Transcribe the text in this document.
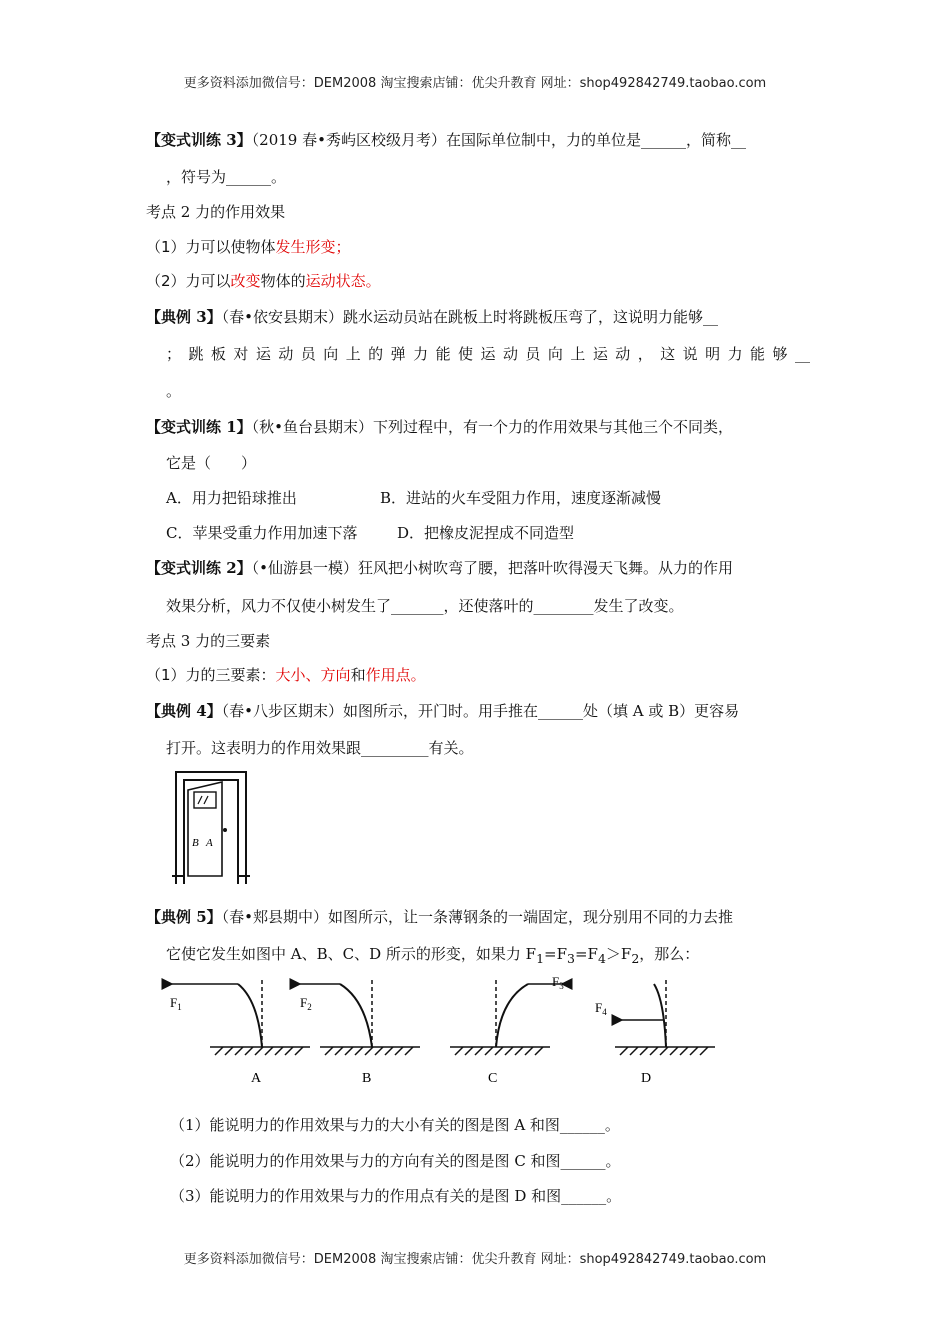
更多资料添加微信号：DEM2008 淘宝搜索店铺：优尖升教育 网址：shop492842749.taobao.com
【变式训练 3】（2019 春•秀屿区校级月考）在国际单位制中，力的单位是______，简称__
，符号为______。
考点 2 力的作用效果
（1）力可以使物体发生形变；
（2）力可以改变物体的运动状态。
【典例 3】（春•依安县期末）跳水运动员站在跳板上时将跳板压弯了，这说明力能够__
；跳板对运动员向上的弹力能使运动员向上运动，这说明力能够__
。
【变式训练 1】（秋•鱼台县期末）下列过程中，有一个力的作用效果与其他三个不同类，
它是（　　）
A．用力把铅球推出	B．进站的火车受阻力作用，速度逐渐减慢
C．苹果受重力作用加速下落	D．把橡皮泥捏成不同造型
【变式训练 2】（•仙游县一模）狂风把小树吹弯了腰，把落叶吹得漫天飞舞。从力的作用
效果分析，风力不仅使小树发生了_______，还使落叶的________发生了改变。
考点 3 力的三要素
（1）力的三要素：大小、方向和作用点。
【典例 4】（春•八步区期末）如图所示，开门时。用手推在______处（填 A 或 B）更容易
打开。这表明力的作用效果跟_________有关。
B A
【典例 5】（春•郏县期中）如图所示，让一条薄钢条的一端固定，现分别用不同的力去推
它使它发生如图中 A、B、C、D 所示的形变，如果力 $F_1=F_3=F_4>F_2$，那么：
$F_1$	$F_2$
$F_3$
$F_4$
A	B	C	D
（1）能说明力的作用效果与力的大小有关的图是图 A 和图______。
（2）能说明力的作用效果与力的方向有关的图是图 C 和图______。
（3）能说明力的作用效果与力的作用点有关的是图 D 和图______。
更多资料添加微信号：DEM2008 淘宝搜索店铺：优尖升教育 网址：shop492842749.taobao.com
